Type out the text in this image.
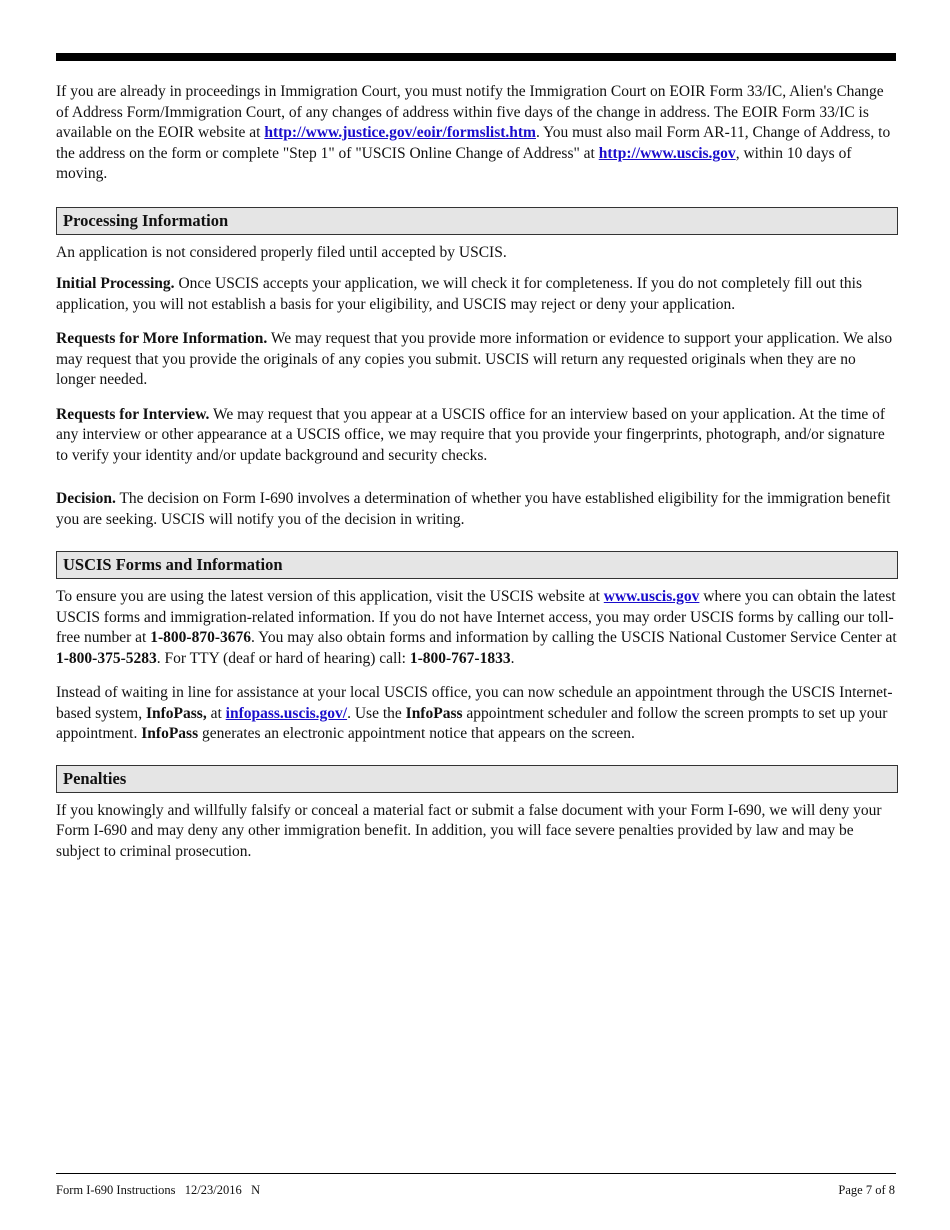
If you are already in proceedings in Immigration Court, you must notify the Immigration Court on EOIR Form 33/IC, Alien's Change of Address Form/Immigration Court, of any changes of address within five days of the change in address. The EOIR Form 33/IC is available on the EOIR website at http://www.justice.gov/eoir/formslist.htm. You must also mail Form AR-11, Change of Address, to the address on the form or complete "Step 1" of "USCIS Online Change of Address" at http://www.uscis.gov, within 10 days of moving.

Processing Information

An application is not considered properly filed until accepted by USCIS.

Initial Processing. Once USCIS accepts your application, we will check it for completeness. If you do not completely fill out this application, you will not establish a basis for your eligibility, and USCIS may reject or deny your application.

Requests for More Information. We may request that you provide more information or evidence to support your application. We also may request that you provide the originals of any copies you submit. USCIS will return any requested originals when they are no longer needed.

Requests for Interview. We may request that you appear at a USCIS office for an interview based on your application. At the time of any interview or other appearance at a USCIS office, we may require that you provide your fingerprints, photograph, and/or signature to verify your identity and/or update background and security checks.

Decision. The decision on Form I-690 involves a determination of whether you have established eligibility for the immigration benefit you are seeking. USCIS will notify you of the decision in writing.

USCIS Forms and Information

To ensure you are using the latest version of this application, visit the USCIS website at www.uscis.gov where you can obtain the latest USCIS forms and immigration-related information. If you do not have Internet access, you may order USCIS forms by calling our toll-free number at 1-800-870-3676. You may also obtain forms and information by calling the USCIS National Customer Service Center at 1-800-375-5283. For TTY (deaf or hard of hearing) call: 1-800-767-1833.

Instead of waiting in line for assistance at your local USCIS office, you can now schedule an appointment through the USCIS Internet-based system, InfoPass, at infopass.uscis.gov/. Use the InfoPass appointment scheduler and follow the screen prompts to set up your appointment. InfoPass generates an electronic appointment notice that appears on the screen.

Penalties

If you knowingly and willfully falsify or conceal a material fact or submit a false document with your Form I-690, we will deny your Form I-690 and may deny any other immigration benefit. In addition, you will face severe penalties provided by law and may be subject to criminal prosecution.

Form I-690 Instructions   12/23/2016   N	Page 7 of 8
